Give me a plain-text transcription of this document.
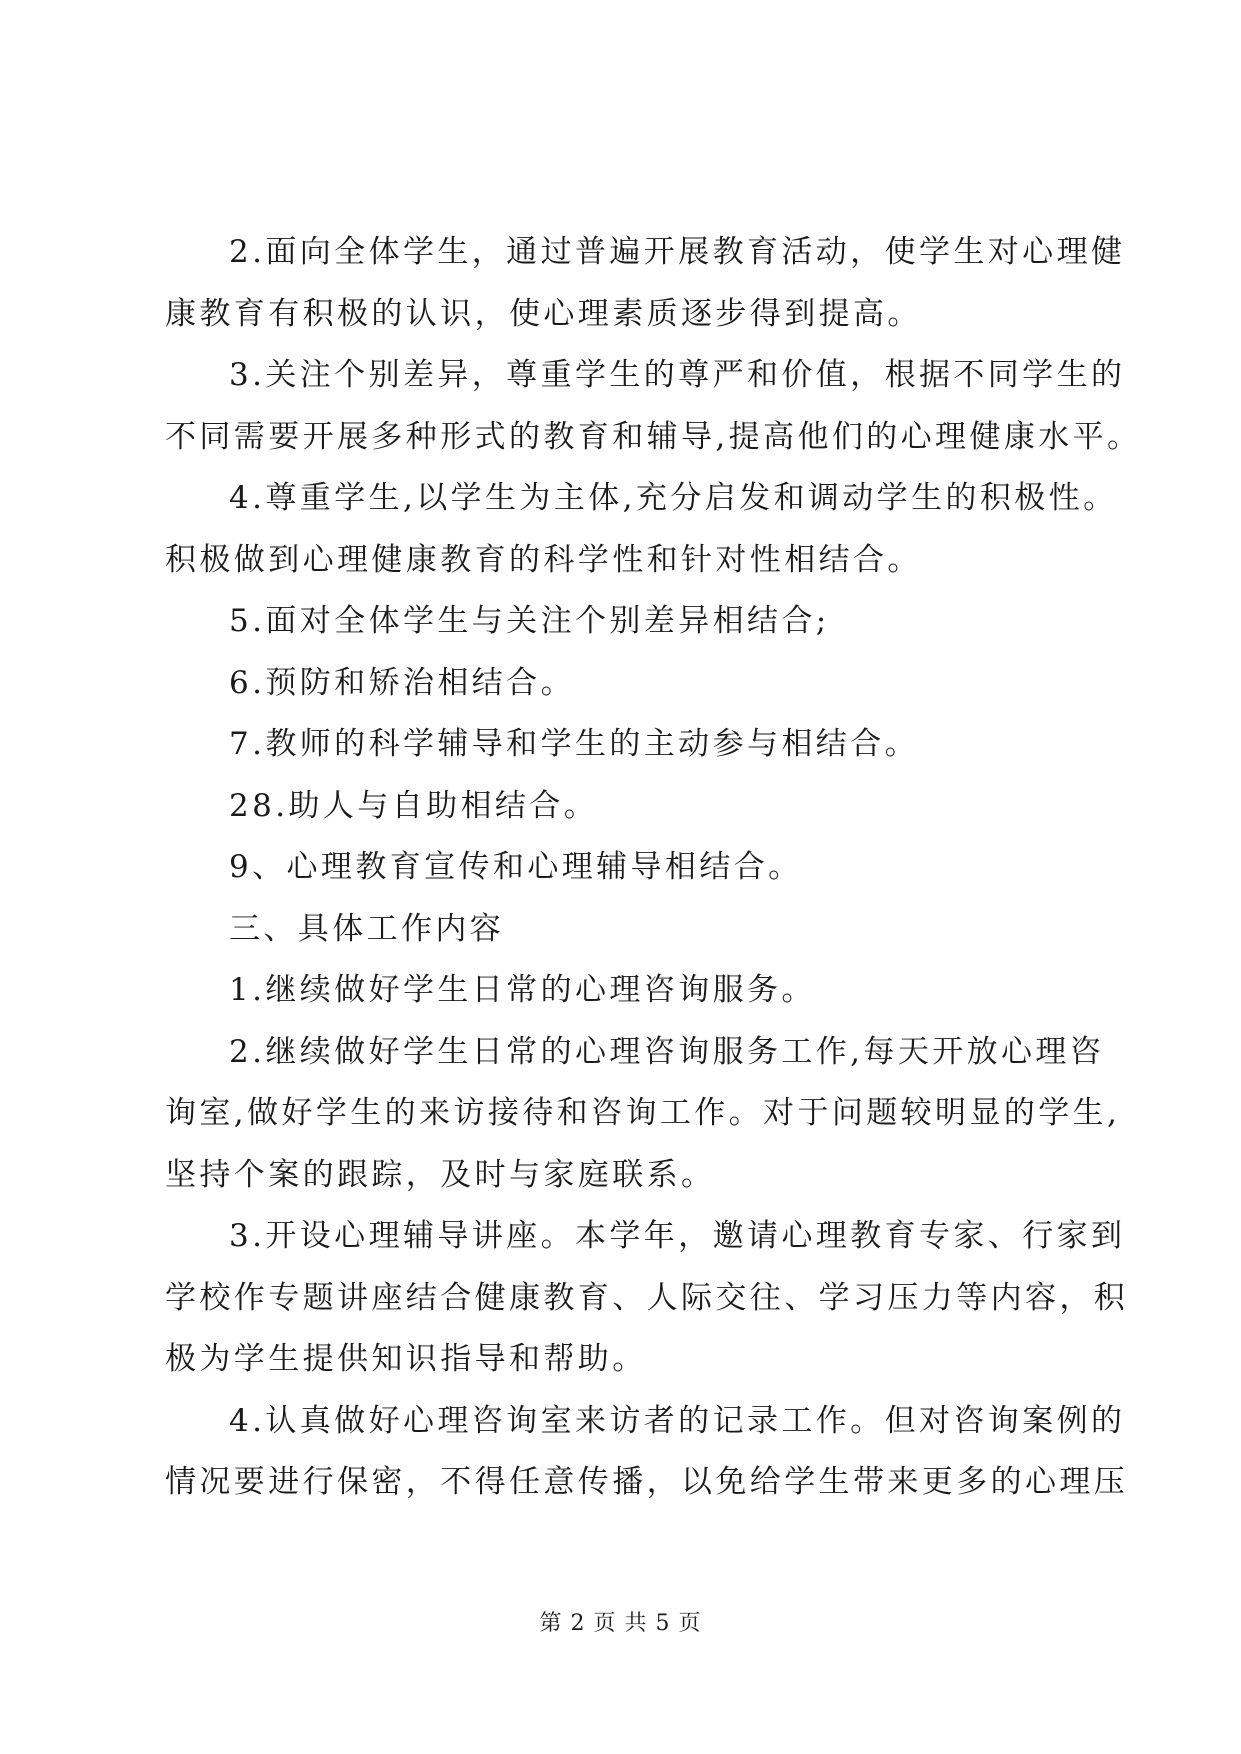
2.面向全体学生，通过普遍开展教育活动，使学生对心理健
康教育有积极的认识，使心理素质逐步得到提高。

3.关注个别差异，尊重学生的尊严和价值，根据不同学生的
不同需要开展多种形式的教育和辅导,提高他们的心理健康水平。

4.尊重学生,以学生为主体,充分启发和调动学生的积极性。
积极做到心理健康教育的科学性和针对性相结合。

5.面对全体学生与关注个别差异相结合;

6.预防和矫治相结合。

7.教师的科学辅导和学生的主动参与相结合。

28.助人与自助相结合。

9、心理教育宣传和心理辅导相结合。

三、具体工作内容

1.继续做好学生日常的心理咨询服务。

2.继续做好学生日常的心理咨询服务工作,每天开放心理咨
询室,做好学生的来访接待和咨询工作。对于问题较明显的学生,
坚持个案的跟踪，及时与家庭联系。

3.开设心理辅导讲座。本学年，邀请心理教育专家、行家到
学校作专题讲座结合健康教育、人际交往、学习压力等内容，积
极为学生提供知识指导和帮助。

4.认真做好心理咨询室来访者的记录工作。但对咨询案例的
情况要进行保密，不得任意传播，以免给学生带来更多的心理压

第 2 页 共 5 页
